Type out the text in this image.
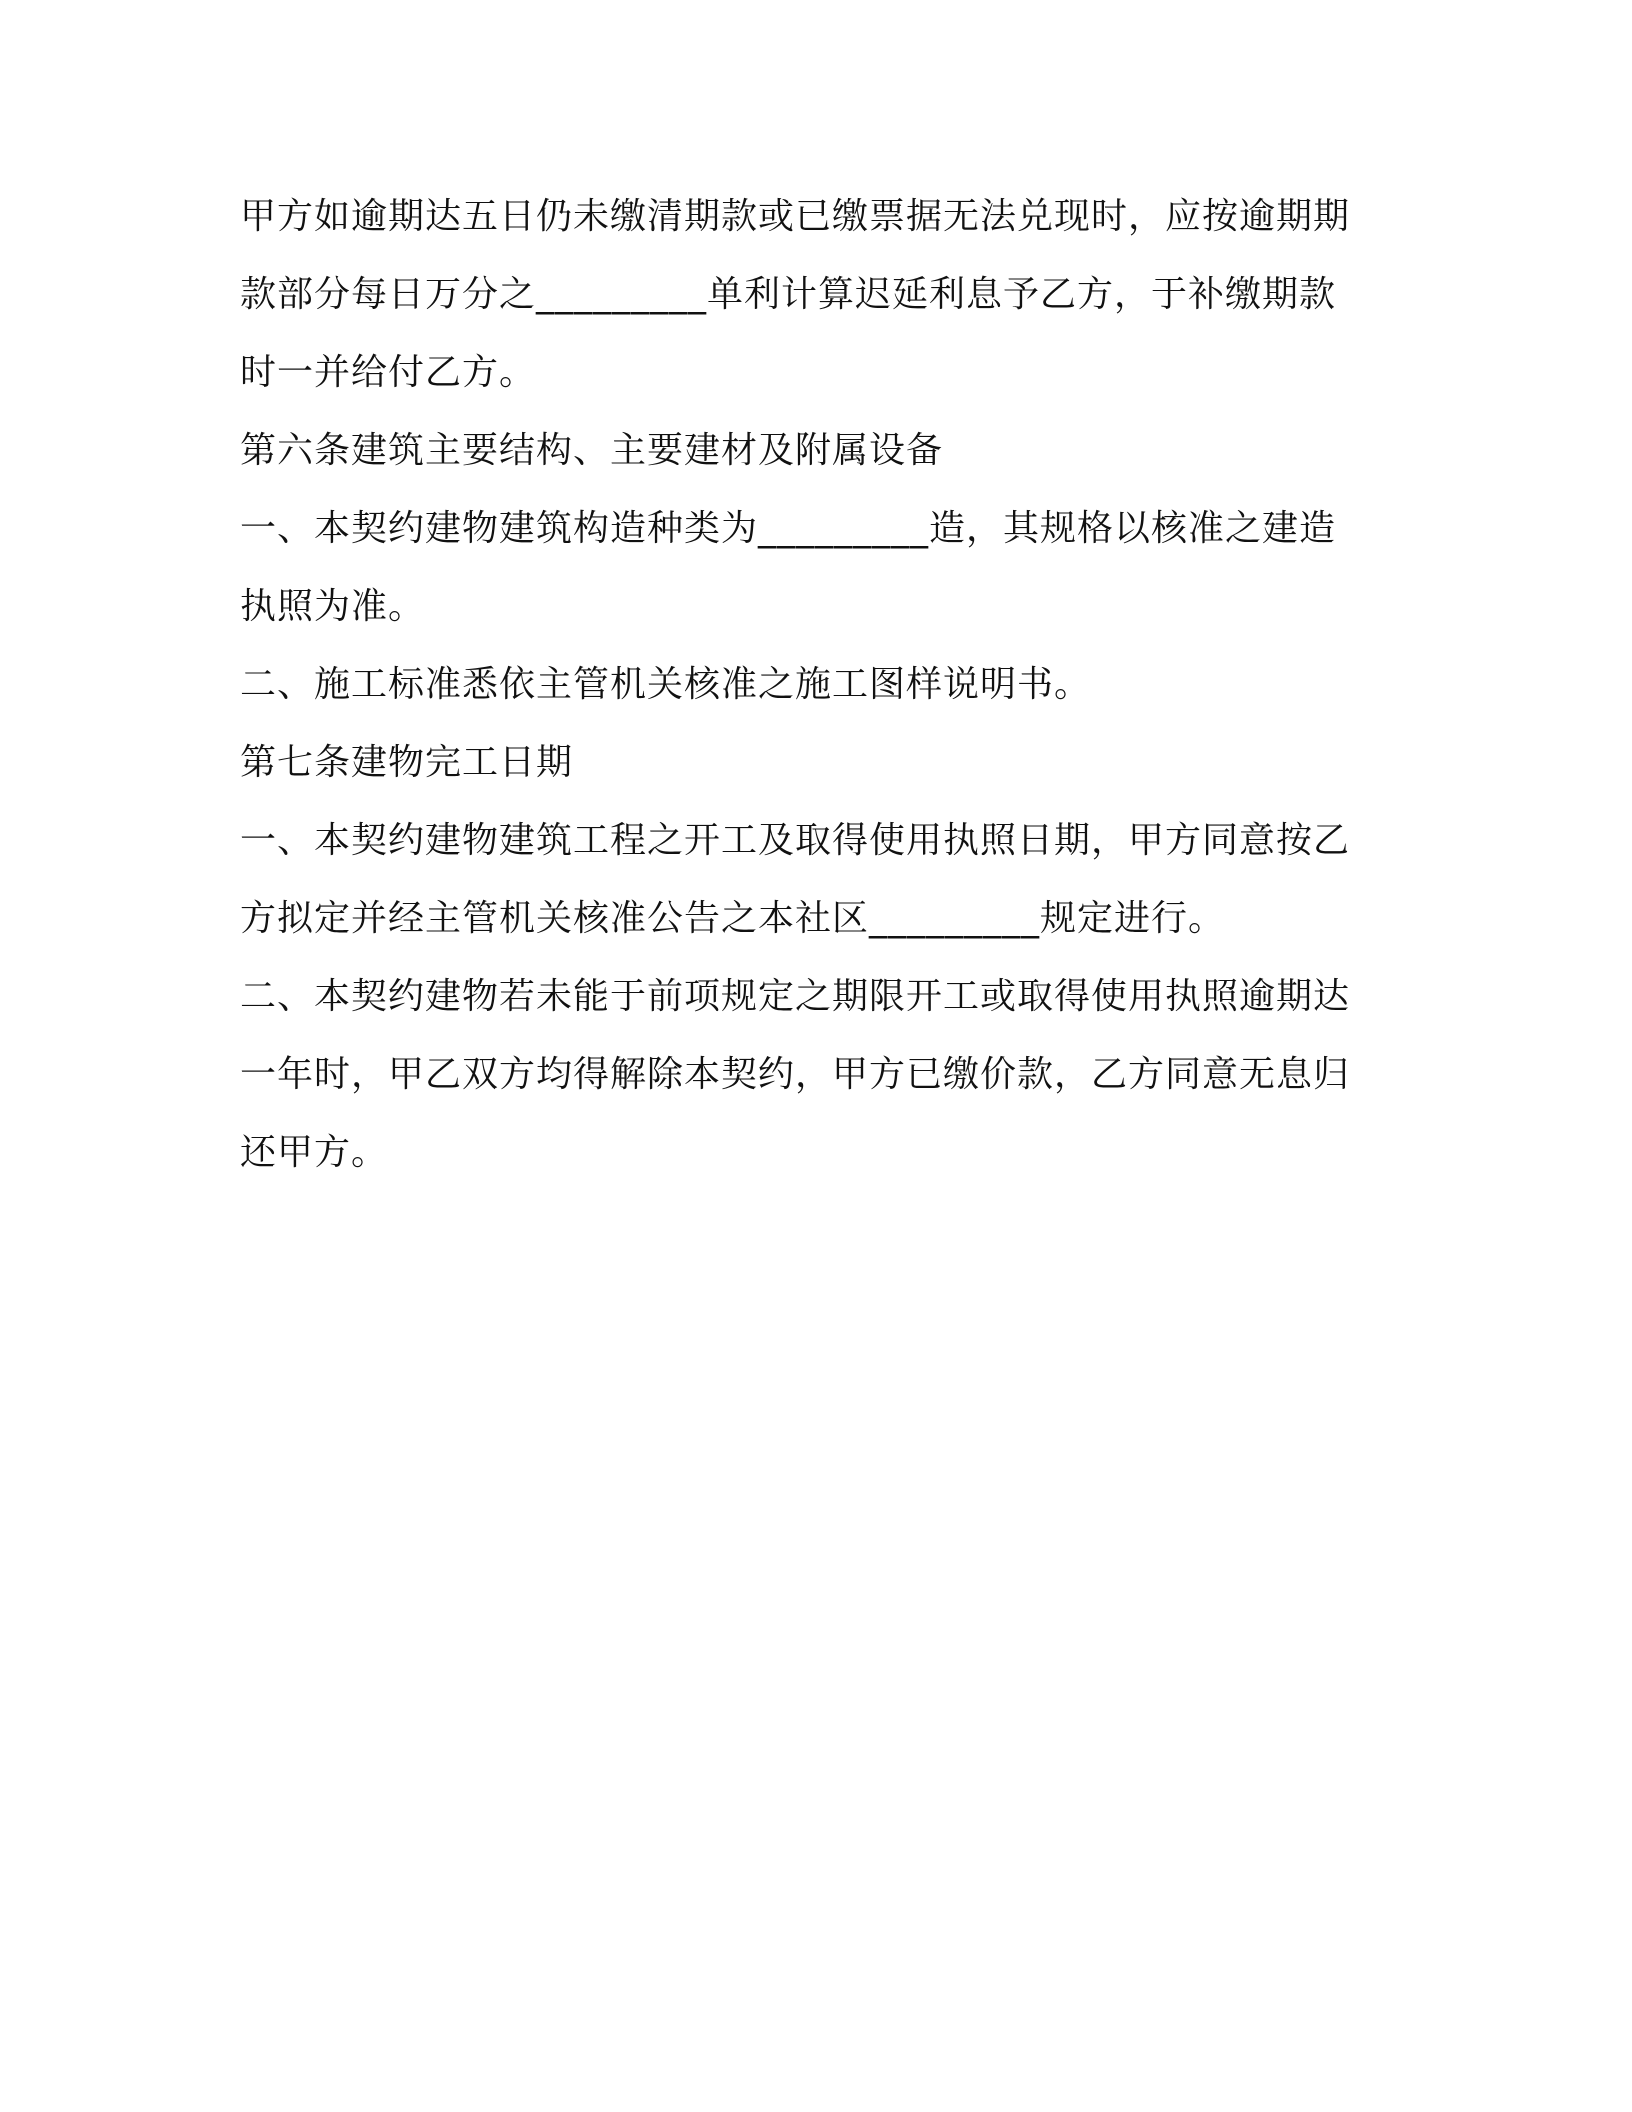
甲方如逾期达五日仍未缴清期款或已缴票据无法兑现时，应按逾期期
款部分每日万分之_________单利计算迟延利息予乙方，于补缴期款
时一并给付乙方。
第六条建筑主要结构、主要建材及附属设备
一、本契约建物建筑构造种类为_________造，其规格以核准之建造
执照为准。
二、施工标准悉依主管机关核准之施工图样说明书。
第七条建物完工日期
一、本契约建物建筑工程之开工及取得使用执照日期，甲方同意按乙
方拟定并经主管机关核准公告之本社区_________规定进行。
二、本契约建物若未能于前项规定之期限开工或取得使用执照逾期达
一年时，甲乙双方均得解除本契约，甲方已缴价款，乙方同意无息归
还甲方。
